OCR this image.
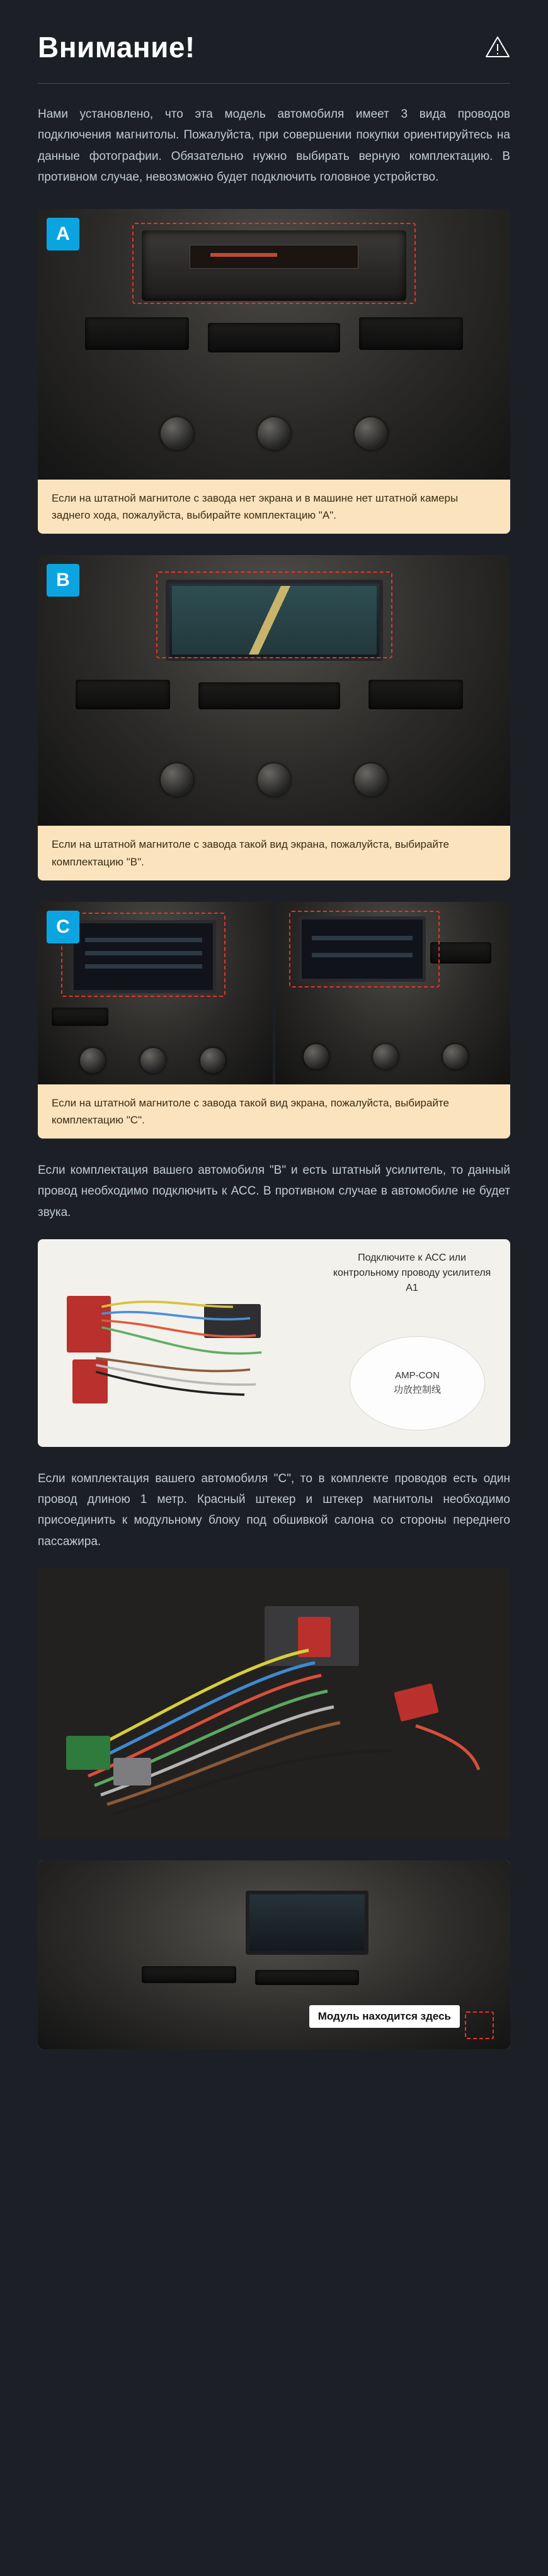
Внимание!

Нами установлено, что эта модель автомобиля имеет 3 вида проводов подключения магнитолы. Пожалуйста, при совершении покупки ориентируйтесь на данные фотографии. Обязательно нужно выбирать верную комплектацию. В противном случае, невозможно будет подключить головное устройство.

A
Если на штатной магнитоле с завода нет экрана и в машине нет штатной камеры заднего хода, пожалуйста, выбирайте комплектацию "А".
B
Если на штатной магнитоле с завода такой вид экрана, пожалуйста, выбирайте комплектацию "В".
C
Если на штатной магнитоле с завода такой вид экрана, пожалуйста, выбирайте комплектацию "С".

Если комплектация вашего автомобиля "В" и есть штатный усилитель, то данный провод необходимо подключить к АСС. В противном случае в автомобиле не будет звука.

Подключите к АСС или контрольному проводу усилителя А1
AMP-CON
功放控制线

Если комплектация вашего автомобиля "С", то в комплекте проводов есть один провод длиною 1 метр. Красный штекер и штекер магнитолы необходимо присоединить к модульному блоку под обшивкой салона со стороны переднего пассажира.

Модуль находится здесь
